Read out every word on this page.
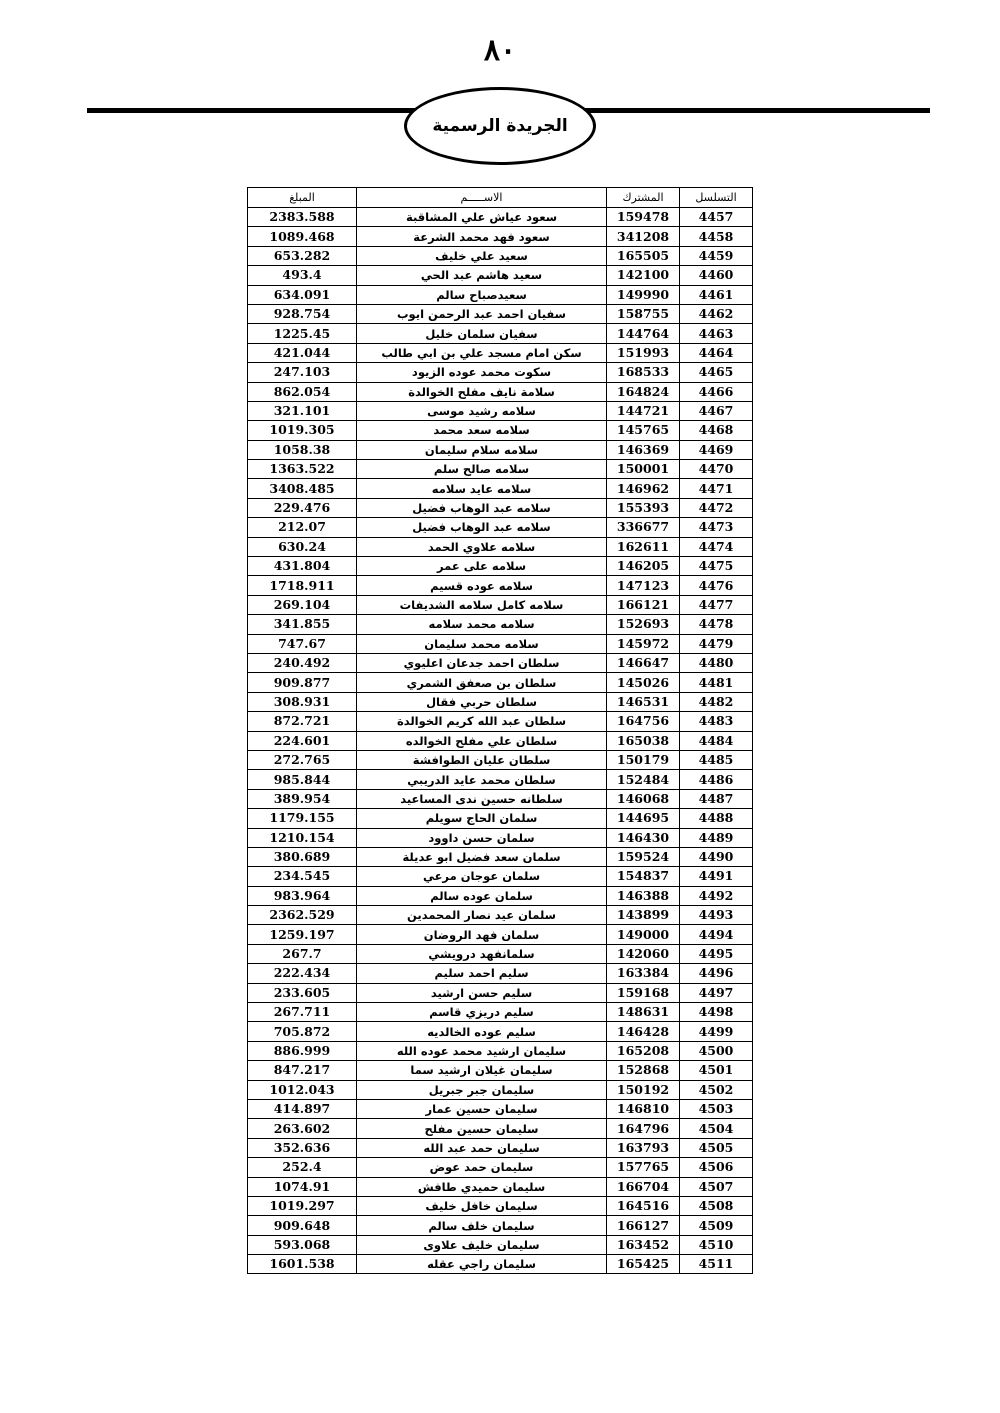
٨٠
الجريدة الرسمية
المبلغ	الاســـــم	المشترك	التسلسل
2383.588	سعود عياش علي المشاقبة	159478	4457
1089.468	سعود فهد محمد الشرعة	341208	4458
653.282	سعيد علي خليف	165505	4459
493.4	سعيد هاشم عبد الحي	142100	4460
634.091	سعيدصباح سالم	149990	4461
928.754	سفيان احمد عبد الرحمن ايوب	158755	4462
1225.45	سفيان سلمان خليل	144764	4463
421.044	سكن امام مسجد علي بن ابي طالب	151993	4464
247.103	سكوت محمد عوده الزيود	168533	4465
862.054	سلامة نايف مفلح الخوالدة	164824	4466
321.101	سلامه رشيد موسى	144721	4467
1019.305	سلامه سعد محمد	145765	4468
1058.38	سلامه سلام سليمان	146369	4469
1363.522	سلامه صالح سلم	150001	4470
3408.485	سلامه عايد سلامه	146962	4471
229.476	سلامه عبد الوهاب فضيل	155393	4472
212.07	سلامه عبد الوهاب فضيل	336677	4473
630.24	سلامه علاوي الحمد	162611	4474
431.804	سلامه على عمر	146205	4475
1718.911	سلامه عوده قسيم	147123	4476
269.104	سلامه كامل سلامه الشديفات	166121	4477
341.855	سلامه محمد سلامه	152693	4478
747.67	سلامه محمد سليمان	145972	4479
240.492	سلطان احمد جدعان اعليوي	146647	4480
909.877	سلطان بن صعفق الشمري	145026	4481
308.931	سلطان حربي فقال	146531	4482
872.721	سلطان عبد الله كريم الخوالدة	164756	4483
224.601	سلطان علي مفلح الخوالده	165038	4484
272.765	سلطان عليان الطوافشة	150179	4485
985.844	سلطان محمد عايد الدريبي	152484	4486
389.954	سلطانه حسين ندى المساعيد	146068	4487
1179.155	سلمان الحاج سويلم	144695	4488
1210.154	سلمان حسن داوود	146430	4489
380.689	سلمان سعد فضيل ابو عديلة	159524	4490
234.545	سلمان عوجان مرعي	154837	4491
983.964	سلمان عوده سالم	146388	4492
2362.529	سلمان عيد نصار المحمدين	143899	4493
1259.197	سلمان فهد الروضان	149000	4494
267.7	سلمانفهد درويشي	142060	4495
222.434	سليم احمد سليم	163384	4496
233.605	سليم حسن ارشيد	159168	4497
267.711	سليم دريزي قاسم	148631	4498
705.872	سليم عوده الخالديه	146428	4499
886.999	سليمان ارشيد محمد عوده الله	165208	4500
847.217	سليمان غيلان ارشيد سما	152868	4501
1012.043	سليمان جبر جبريل	150192	4502
414.897	سليمان حسين عمار	146810	4503
263.602	سليمان حسين مفلح	164796	4504
352.636	سليمان حمد عبد الله	163793	4505
252.4	سليمان حمد عوض	157765	4506
1074.91	سليمان حميدي طافش	166704	4507
1019.297	سليمان خافل خليف	164516	4508
909.648	سليمان خلف سالم	166127	4509
593.068	سليمان خليف علاوى	163452	4510
1601.538	سليمان راجي عقله	165425	4511
